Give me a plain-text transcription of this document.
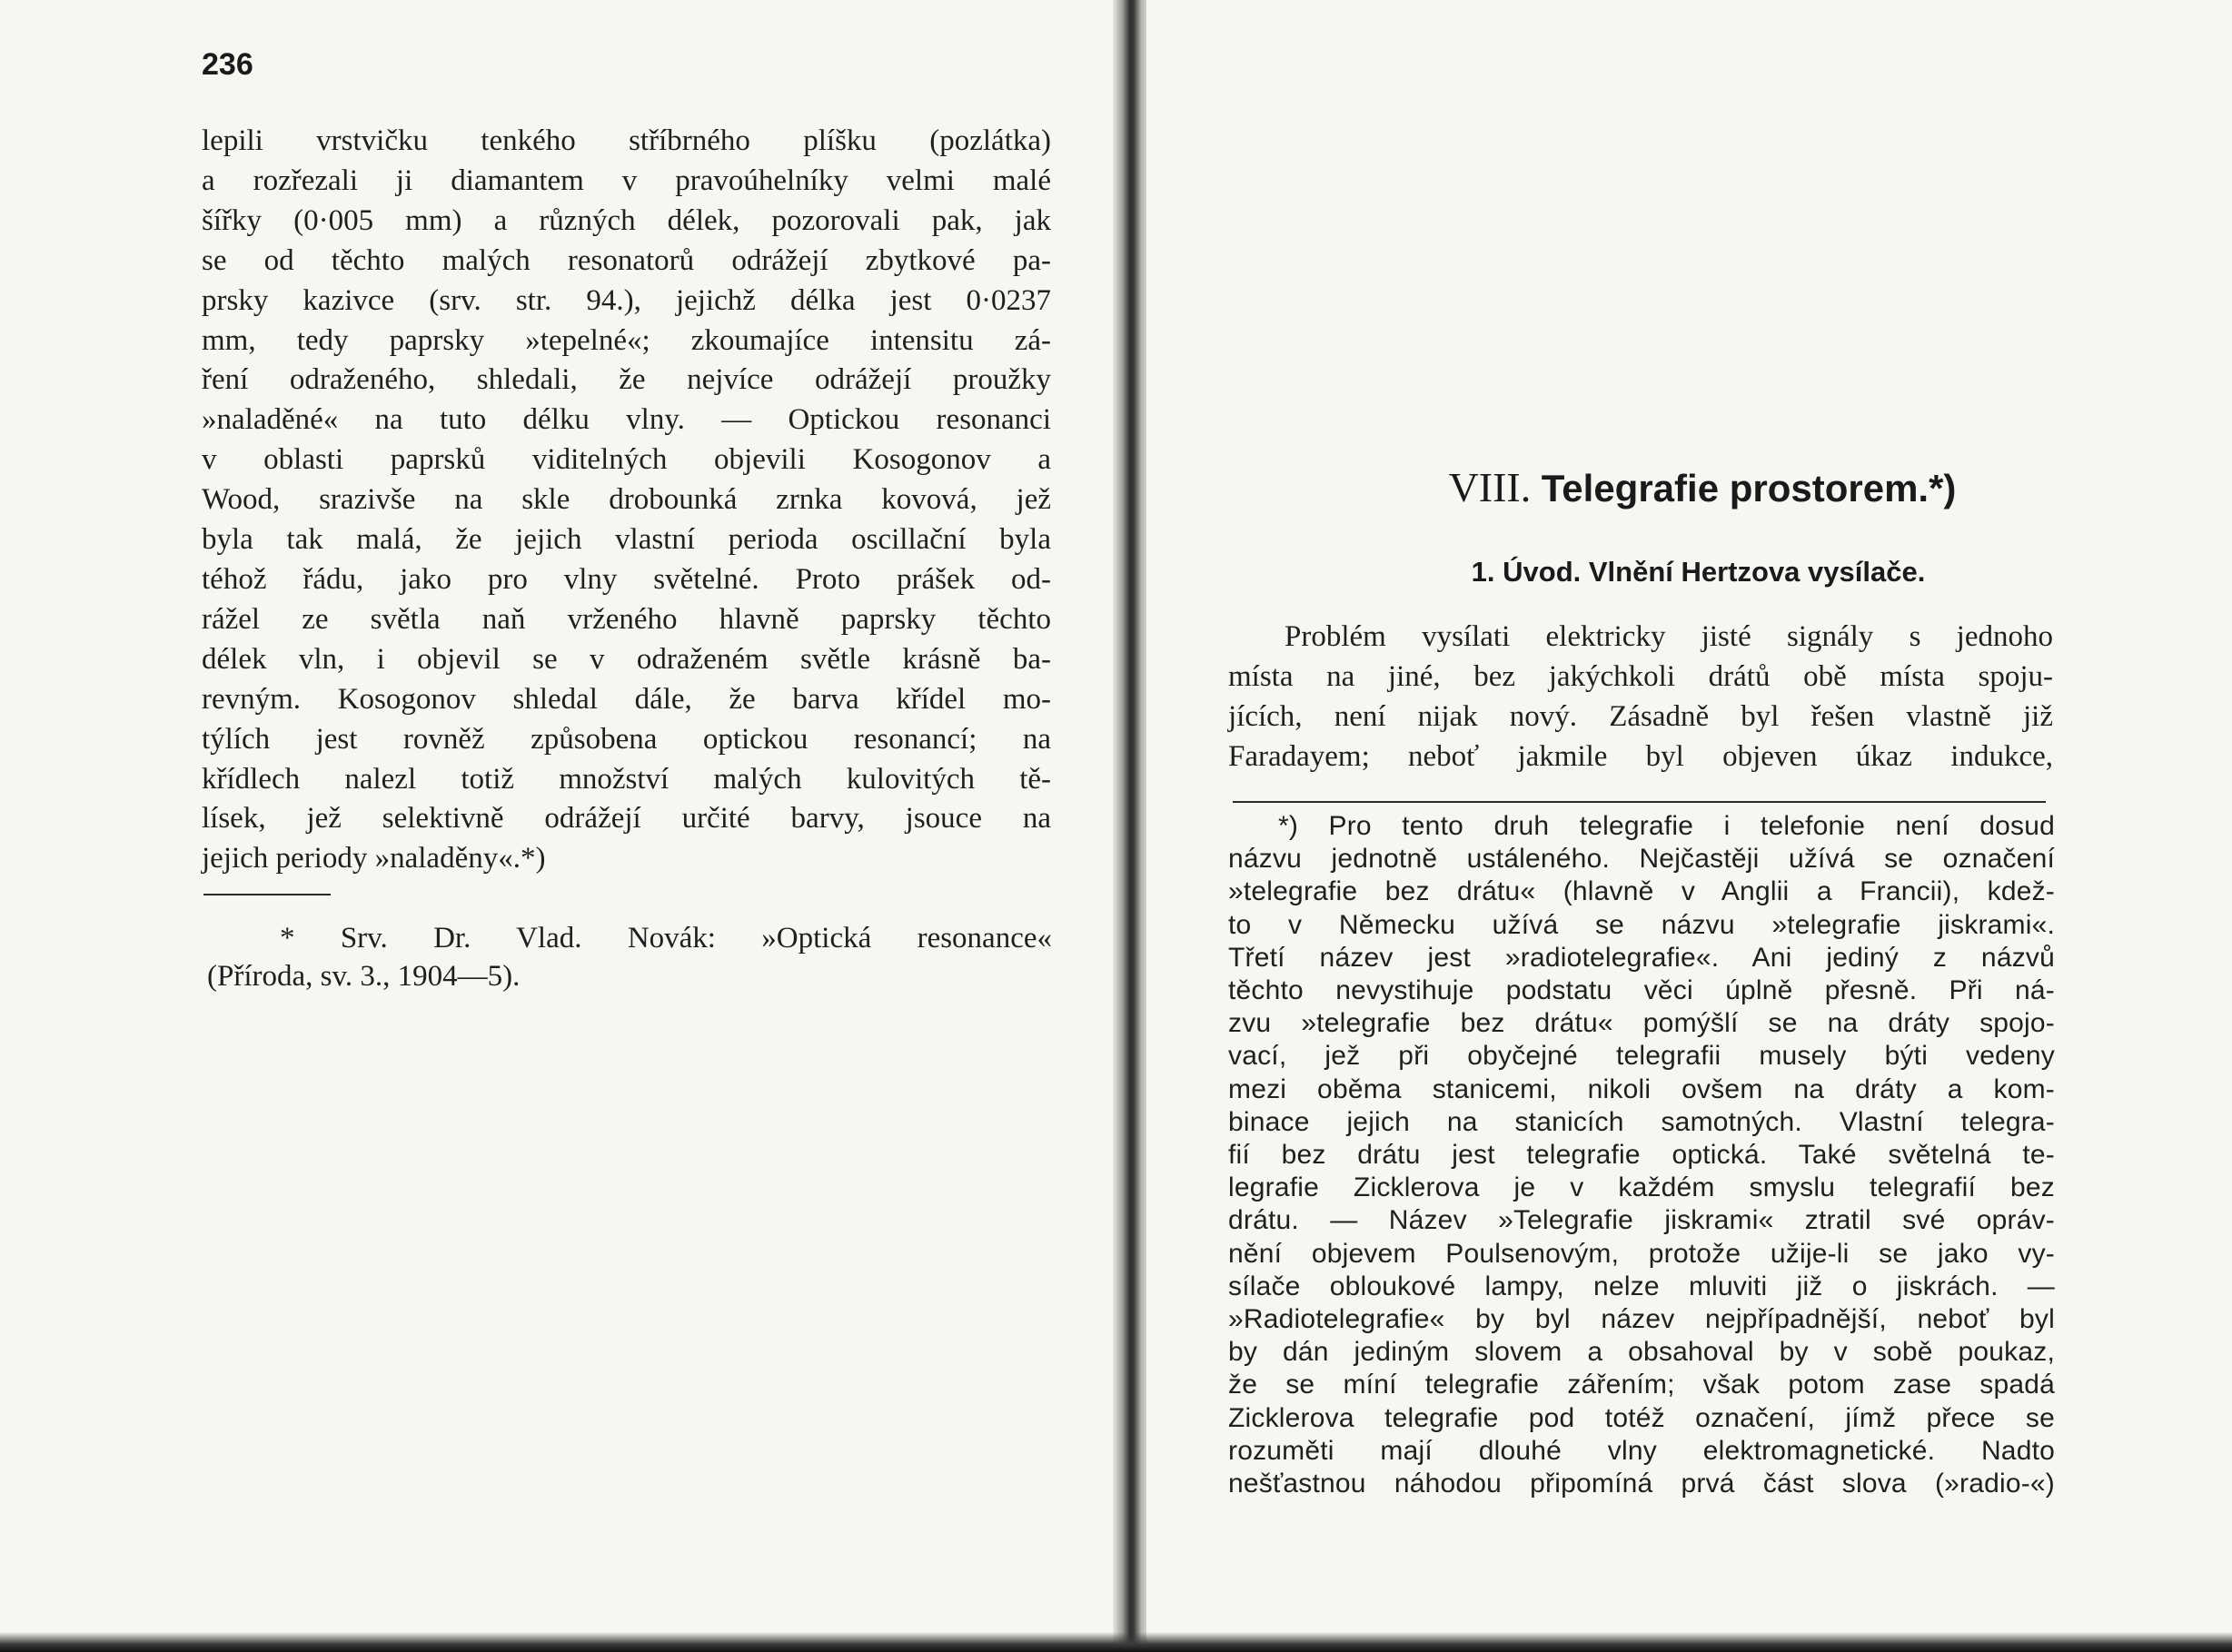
236
lepili vrstvičku tenkého stříbrného plíšku (pozlátka)
a rozřezali ji diamantem v pravoúhelníky velmi malé
šířky (0·005 mm) a různých délek, pozorovali pak, jak
se od těchto malých resonatorů odrážejí zbytkové pa-
prsky kazivce (srv. str. 94.), jejichž délka jest 0·0237
mm, tedy paprsky »tepelné«; zkoumajíce intensitu zá-
ření odraženého, shledali, že nejvíce odrážejí proužky
»naladěné« na tuto délku vlny. — Optickou resonanci
v oblasti paprsků viditelných objevili Kosogonov a
Wood, srazivše na skle drobounká zrnka kovová, jež
byla tak malá, že jejich vlastní perioda oscillační byla
téhož řádu, jako pro vlny světelné. Proto prášek od-
rážel ze světla naň vrženého hlavně paprsky těchto
délek vln, i objevil se v odraženém světle krásně ba-
revným. Kosogonov shledal dále, že barva křídel mo-
týlích jest rovněž způsobena optickou resonancí; na
křídlech nalezl totiž množství malých kulovitých tě-
lísek, jež selektivně odrážejí určité barvy, jsouce na
jejich periody »naladěny«.*)
* Srv. Dr. Vlad. Novák: »Optická resonance«
(Příroda, sv. 3., 1904—5).
VIII. Telegrafie prostorem.*)
1. Úvod. Vlnění Hertzova vysílače.
Problém vysílati elektricky jisté signály s jednoho
místa na jiné, bez jakýchkoli drátů obě místa spoju-
jících, není nijak nový. Zásadně byl řešen vlastně již
Faradayem; neboť jakmile byl objeven úkaz indukce,
*) Pro tento druh telegrafie i telefonie není dosud
názvu jednotně ustáleného. Nejčastěji užívá se označení
»telegrafie bez drátu« (hlavně v Anglii a Francii), kdež-
to v Německu užívá se názvu »telegrafie jiskrami«.
Třetí název jest »radiotelegrafie«. Ani jediný z názvů
těchto nevystihuje podstatu věci úplně přesně. Při ná-
zvu »telegrafie bez drátu« pomýšlí se na dráty spojo-
vací, jež při obyčejné telegrafii musely býti vedeny
mezi oběma stanicemi, nikoli ovšem na dráty a kom-
binace jejich na stanicích samotných. Vlastní telegra-
fií bez drátu jest telegrafie optická. Také světelná te-
legrafie Zicklerova je v každém smyslu telegrafií bez
drátu. — Název »Telegrafie jiskrami« ztratil své opráv-
nění objevem Poulsenovým, protože užije-li se jako vy-
sílače obloukové lampy, nelze mluviti již o jiskrách. —
»Radiotelegrafie« by byl název nejpřípadnější, neboť byl
by dán jediným slovem a obsahoval by v sobě poukaz,
že se míní telegrafie zářením; však potom zase spadá
Zicklerova telegrafie pod totéž označení, jímž přece se
rozuměti mají dlouhé vlny elektromagnetické. Nadto
nešťastnou náhodou připomíná prvá část slova (»radio-«)
